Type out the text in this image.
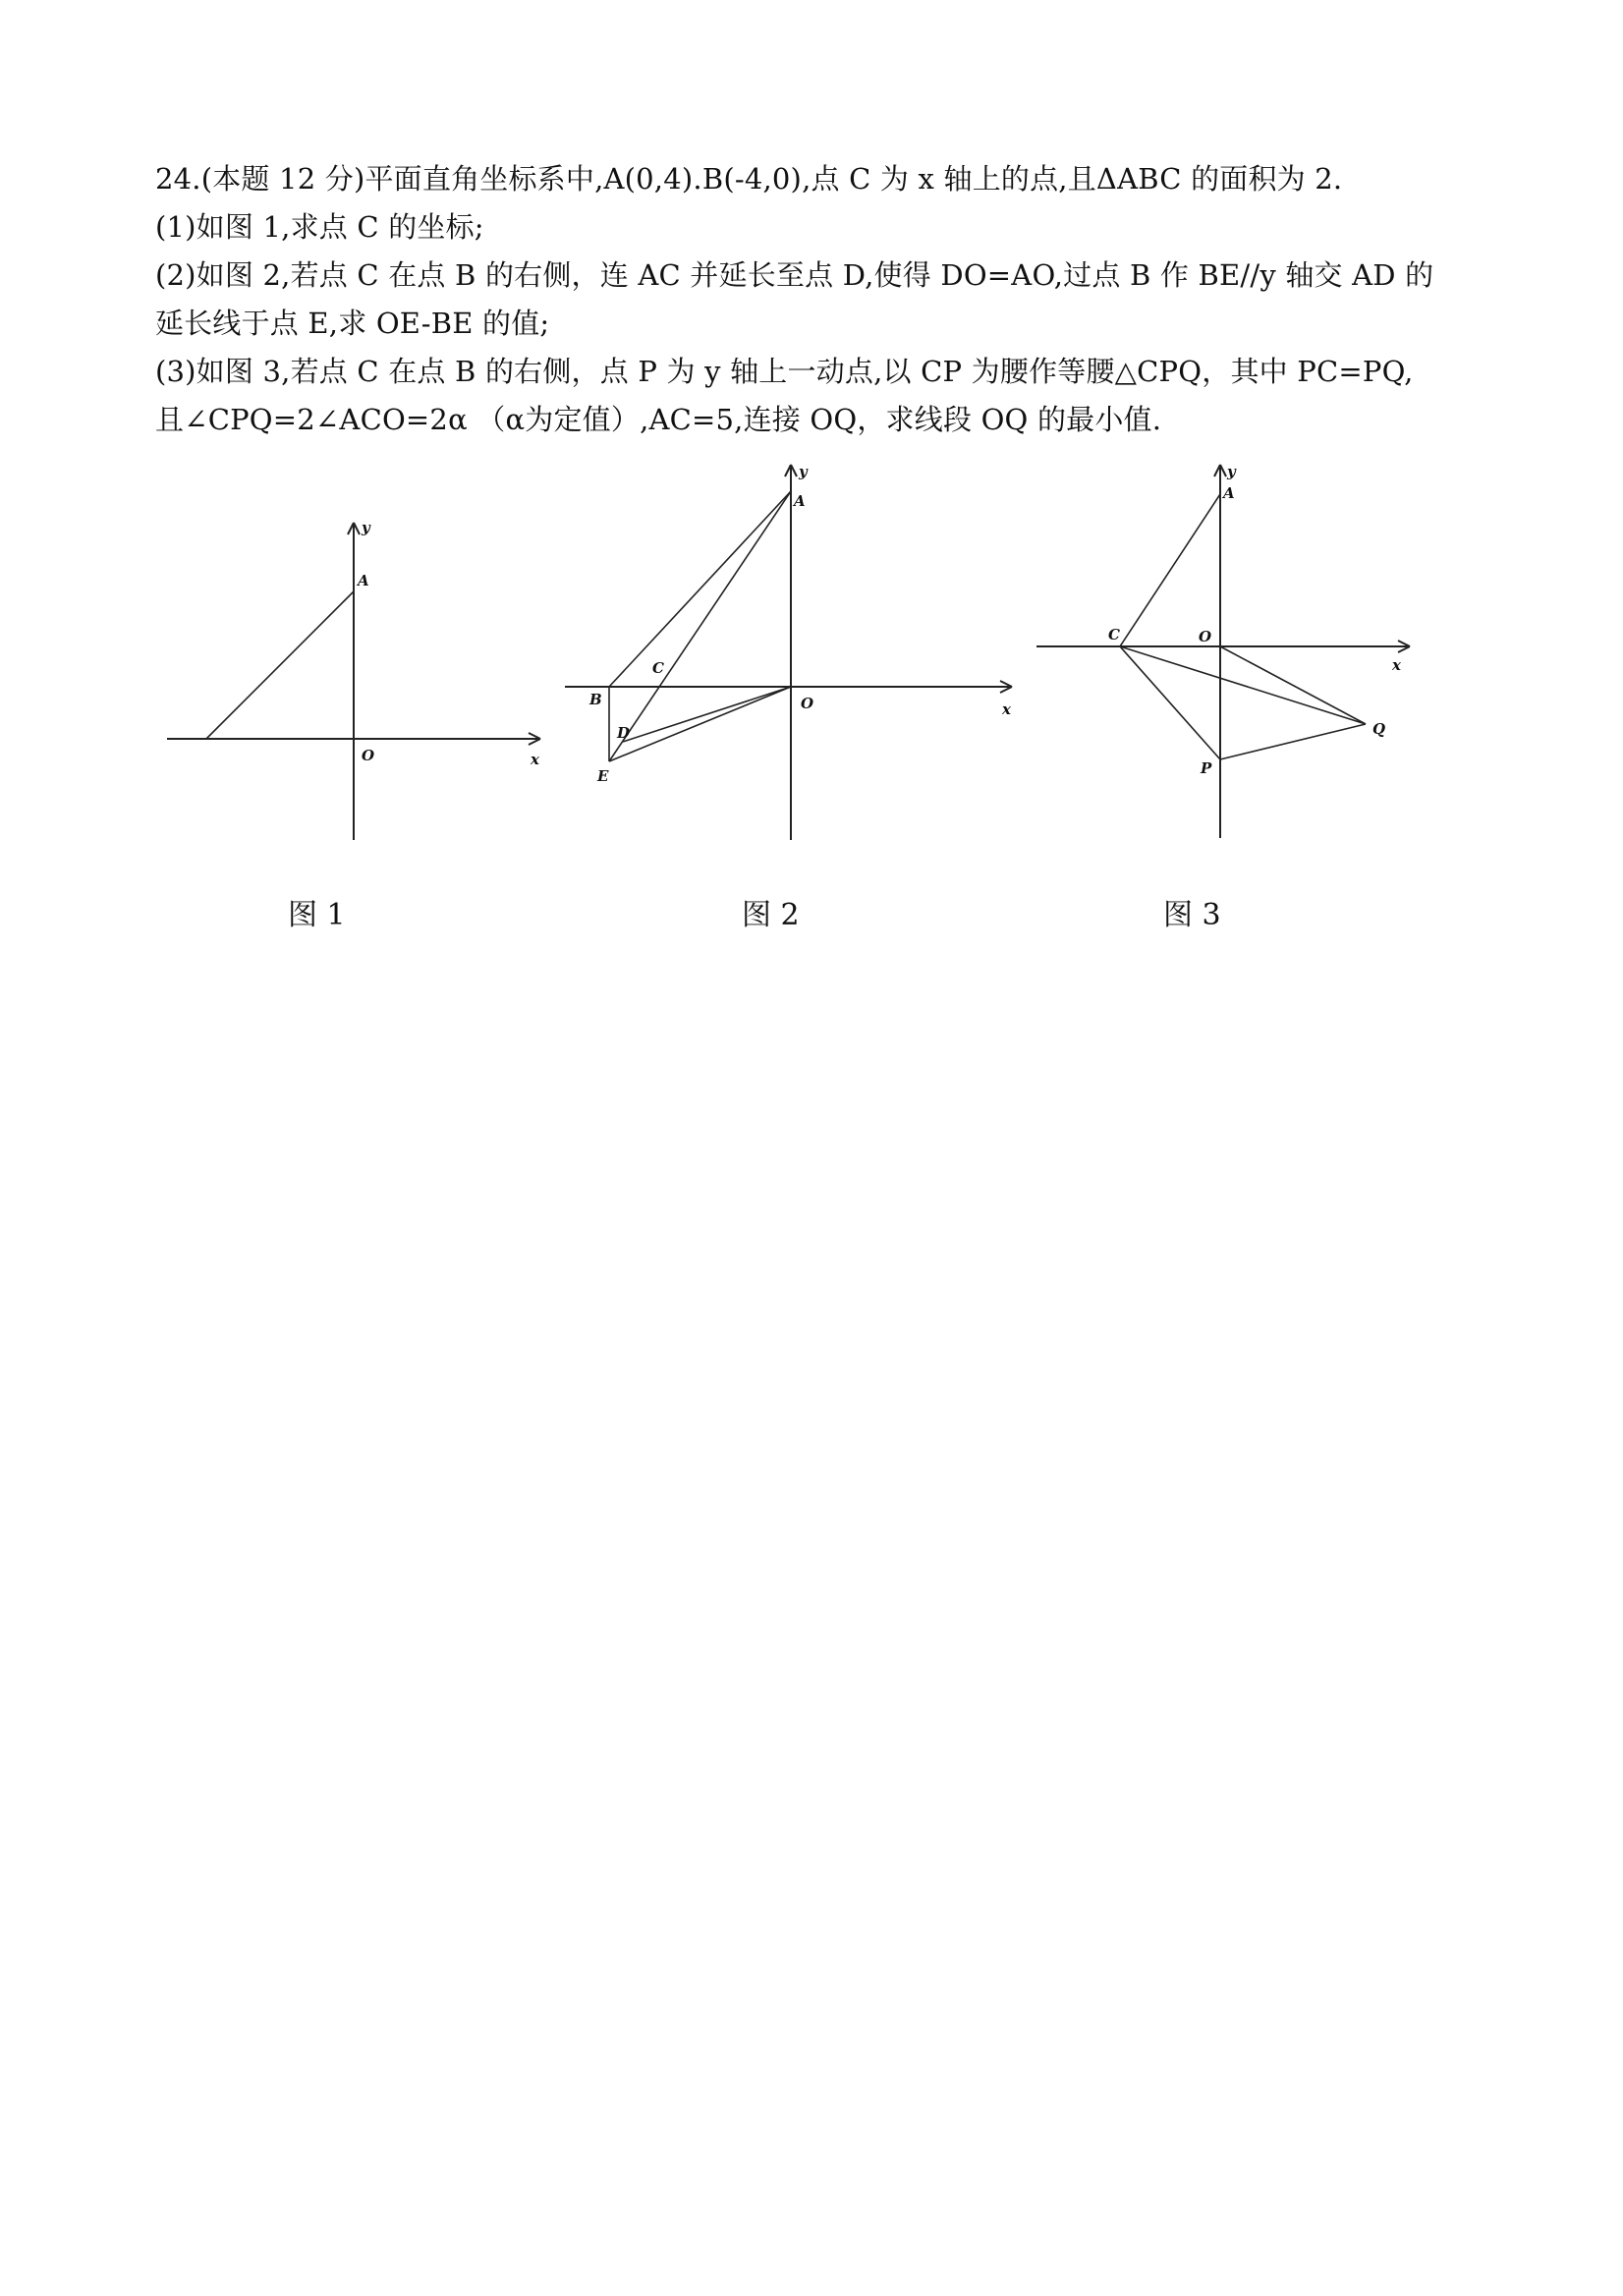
24.(本题 12 分)平面直角坐标系中,A(0,4).B(-4,0),点 C 为 x 轴上的点,且ΔABC 的面积为 2.
(1)如图 1,求点 C 的坐标;
(2)如图 2,若点 C 在点 B 的右侧，连 AC 并延长至点 D,使得 DO=AO,过点 B 作 BE//y 轴交 AD 的
延长线于点 E,求 OE-BE 的值;
(3)如图 3,若点 C 在点 B 的右侧，点 P 为 y 轴上一动点,以 CP 为腰作等腰△CPQ，其中 PC=PQ,
且∠CPQ=2∠ACO=2α （α为定值）,AC=5,连接 OQ，求线段 OQ 的最小值.
y
A
O	x
图 1
y
A
C
B	O	x
D
E
图 2
y
A
C	O
x
Q
P
图 3
